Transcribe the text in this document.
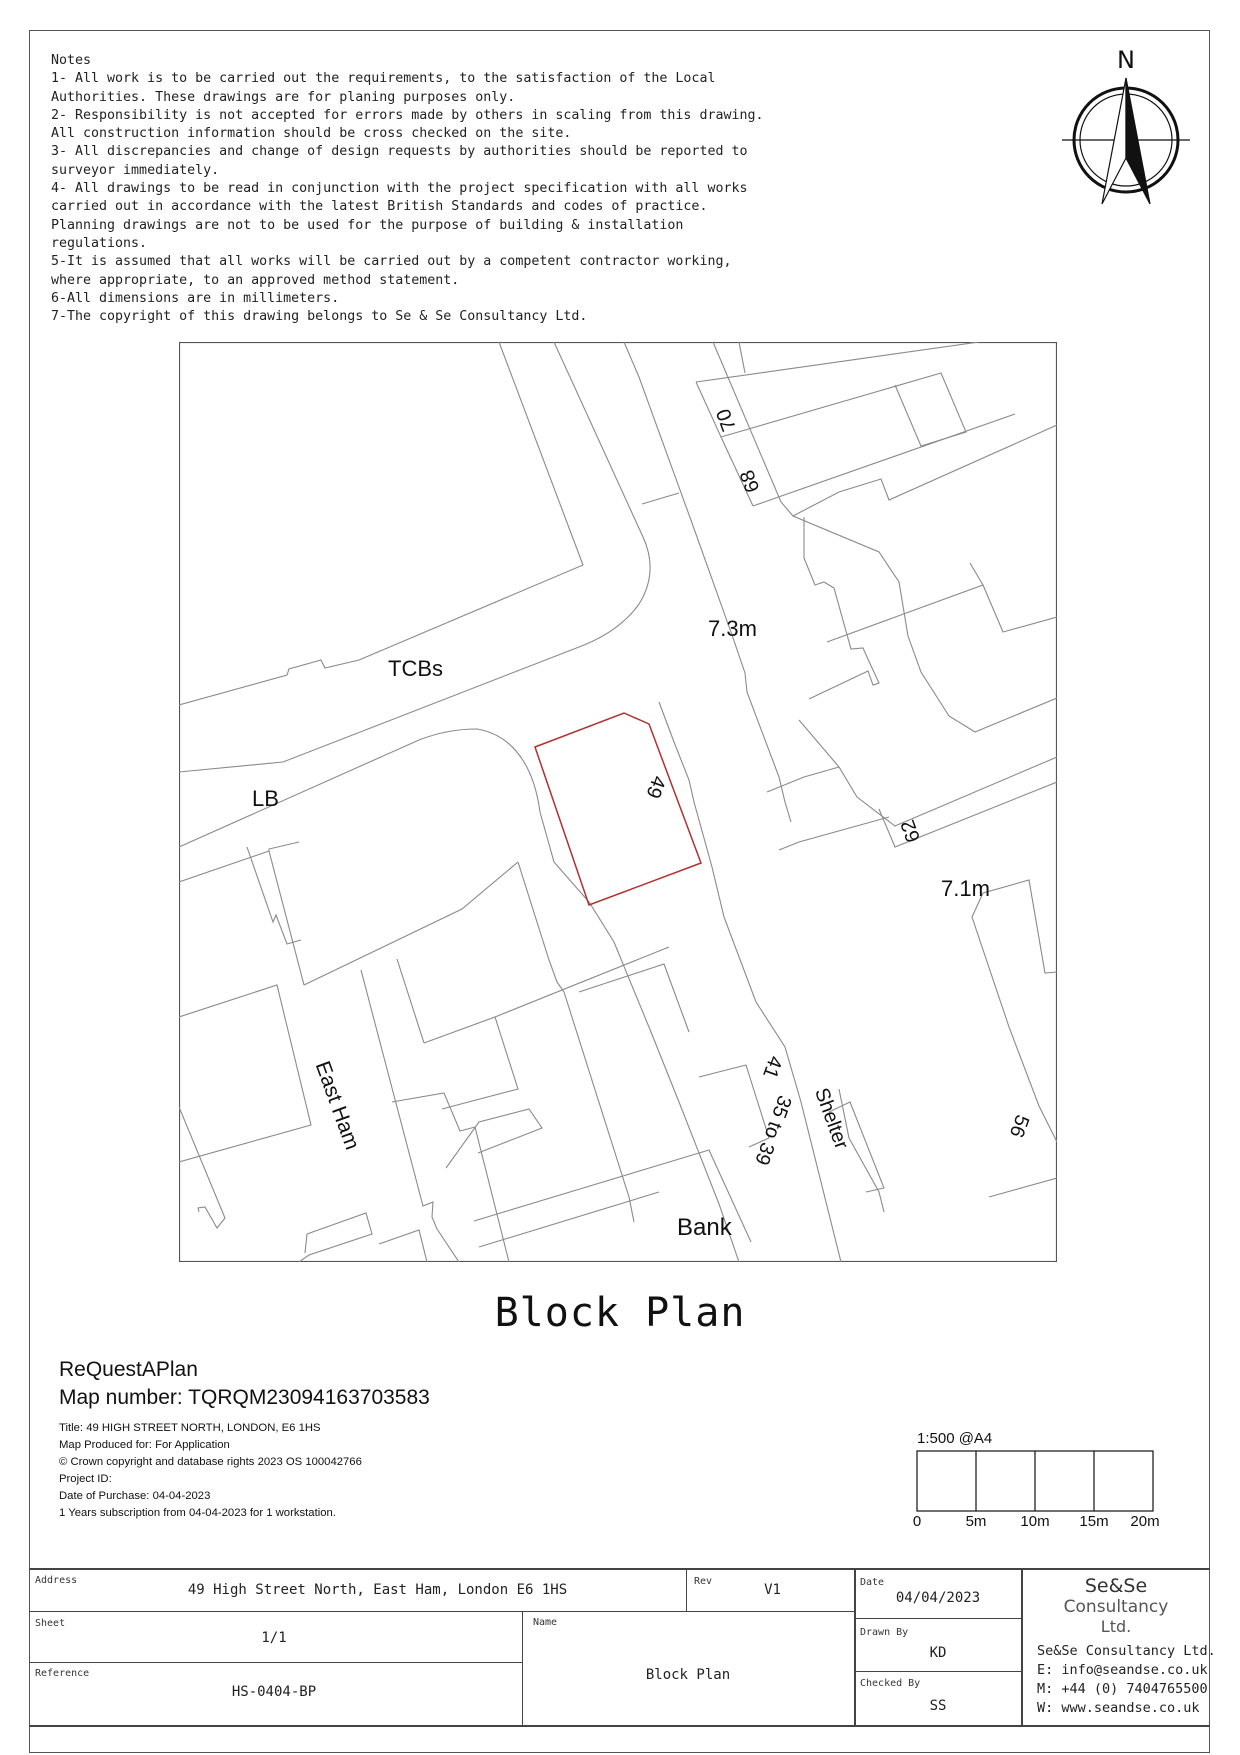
Notes
1- All work is to be carried out the requirements, to the satisfaction of the Local Authorities. These drawings are for planing purposes only.
2- Responsibility is not accepted for errors made by others in scaling from this drawing. All construction information should be cross checked on the site.
3- All discrepancies and change of design requests by authorities should be reported to surveyor immediately.
4- All drawings to be read in conjunction with the project specification with all works carried out in accordance with the latest British Standards and codes of practice. Planning drawings are not to be used for the purpose of building & installation regulations.
5-It is assumed that all works will be carried out by a competent contractor working, where appropriate, to an approved method statement.
6-All dimensions are in millimeters.
7-The copyright of this drawing belongs to Se & Se Consultancy Ltd.
N
70
68
7.3m
TCBs
LB	49
62
7.1m
41
35 to 39 Shelter	56
East Ham
Bank
Block Plan
ReQuestAPlan
Map number: TQRQM23094163703583
Title: 49 HIGH STREET NORTH, LONDON, E6 1HS
Map Produced for: For Application
© Crown copyright and database rights 2023 OS 100042766
Project ID:
Date of Purchase: 04-04-2023
1 Years subscription from 04-04-2023 for 1 workstation.
1:500 @A4
0	5m 10m 15m 20m
Address
49 High Street North, East Ham, London E6 1HS
Rev
V1	Date
04/04/2023
Sheet
1/1
Name
Block Plan
Drawn By
KD
Reference
HS-0404-BP
Checked By
SS
Se&Se
Consultancy
Ltd.
Se&Se Consultancy Ltd.
E: info@seandse.co.uk
M: +44 (0) 7404765500
W: www.seandse.co.uk
